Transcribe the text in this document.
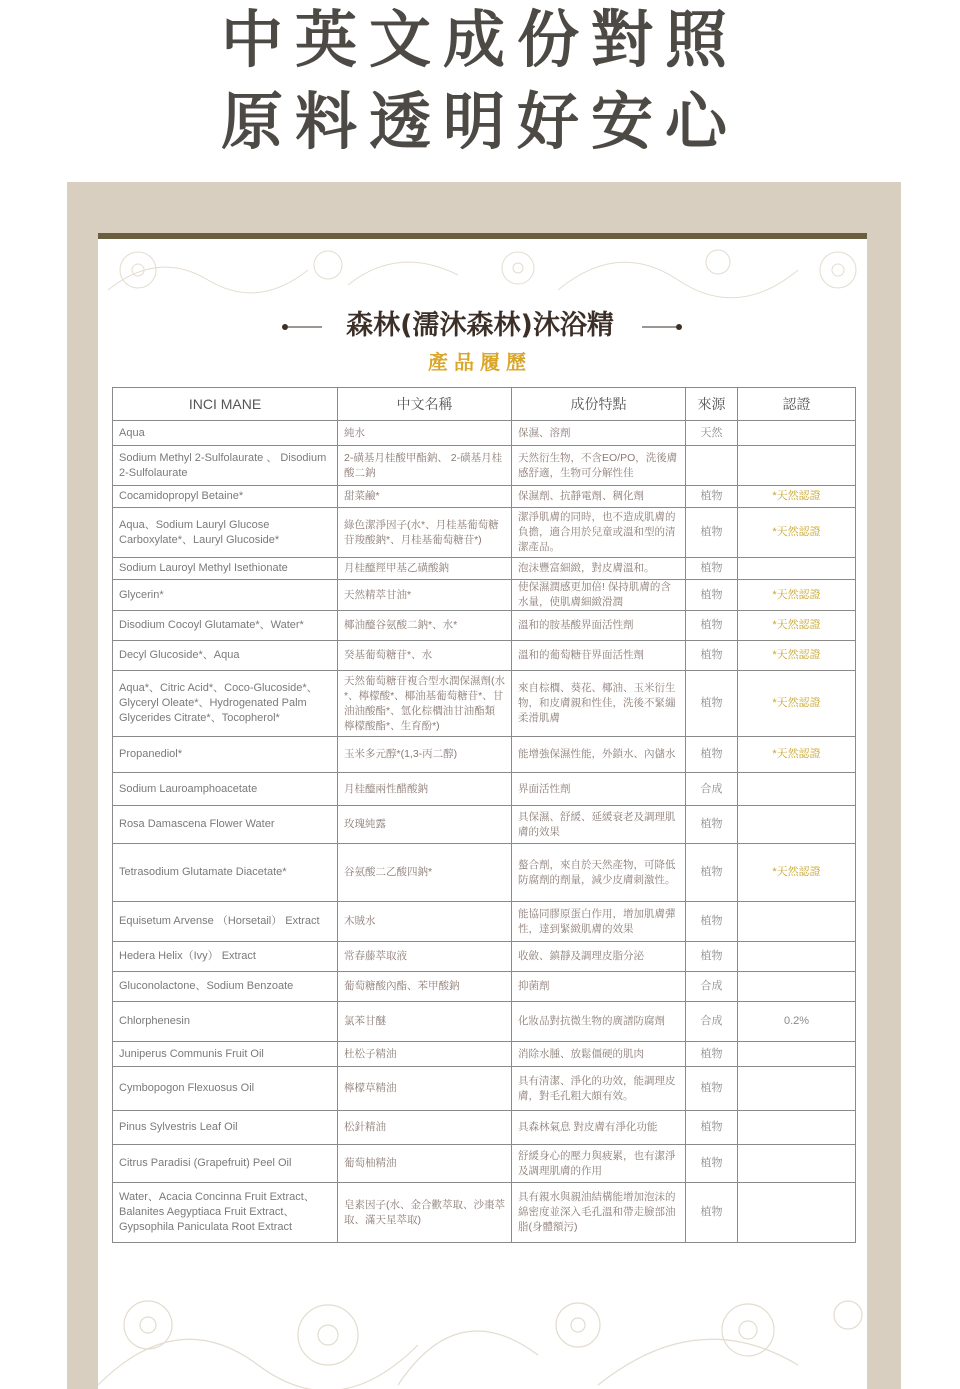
中英文成份對照
原料透明好安心
森林(濡沐森林)沐浴精
產品履歷
INCI MANE	中文名稱	成份特點	來源	認證
Aqua	純水	保濕、溶劑	天然	
Sodium Methyl 2-Sulfolaurate 、 Disodium 2-Sulfolaurate	2-磺基月桂酸甲酯鈉、 2-磺基月桂酸二鈉	天然衍生物，不含EO/PO，洗後膚感舒適，生物可分解性佳		
Cocamidopropyl Betaine*	甜菜鹼*	保濕劑、抗靜電劑、稠化劑	植物	*天然認證
Aqua、Sodium Lauryl Glucose Carboxylate*、Lauryl Glucoside*	綠色潔淨因子(水*、月桂基葡萄糖苷羧酸鈉*、月桂基葡萄糖苷*)	潔淨肌膚的同時，也不造成肌膚的負擔，適合用於兒童或溫和型的清潔產品。	植物	*天然認證
Sodium Lauroyl Methyl Isethionate	月桂醯羥甲基乙磺酸鈉	泡沫豐富細緻，對皮膚溫和。	植物	
Glycerin*	天然精萃甘油*	使保濕潤感更加倍! 保持肌膚的含水量，使肌膚細緻滑潤	植物	*天然認證
Disodium Cocoyl Glutamate*、Water*	椰油醯谷氨酸二鈉*、水*	溫和的胺基酸界面活性劑	植物	*天然認證
Decyl Glucoside*、Aqua	癸基葡萄糖苷*、水	溫和的葡萄糖苷界面活性劑	植物	*天然認證
Aqua*、Citric Acid*、Coco-Glucoside*、Glyceryl Oleate*、Hydrogenated Palm Glycerides Citrate*、Tocopherol*	天然葡萄糖苷複合型水潤保濕劑(水*、檸檬酸*、椰油基葡萄糖苷*、甘油油酸酯*、氫化棕櫚油甘油酯類檸檬酸酯*、生育酚*)	來自棕櫚、葵花、椰油、玉米衍生物，和皮膚親和性佳，洗後不緊繃柔滑肌膚	植物	*天然認證
Propanediol*	玉米多元醇*(1,3-丙二醇)	能增強保濕性能，外鎖水、內儲水	植物	*天然認證
Sodium Lauroamphoacetate	月桂醯兩性醋酸鈉	界面活性劑	合成	
Rosa Damascena Flower Water	玫瑰純露	具保濕、舒緩、延緩衰老及調理肌膚的效果	植物	
Tetrasodium Glutamate Diacetate*	谷氨酸二乙酸四鈉*	螯合劑，來自於天然產物，可降低防腐劑的劑量，減少皮膚刺激性。	植物	*天然認證
Equisetum Arvense （Horsetail） Extract	木賊水	能協同膠原蛋白作用，增加肌膚彈性，達到緊緻肌膚的效果	植物	
Hedera Helix（Ivy） Extract	常春藤萃取液	收斂、鎮靜及調理皮脂分泌	植物	
Gluconolactone、Sodium Benzoate	葡萄糖酸內酯、苯甲酸鈉	抑菌劑	合成	
Chlorphenesin	氯苯甘醚	化妝品對抗微生物的廣譜防腐劑	合成	0.2%
Juniperus Communis Fruit Oil	杜松子精油	消除水腫、放鬆僵硬的肌肉	植物	
Cymbopogon Flexuosus Oil	檸檬草精油	具有清潔、淨化的功效，能調理皮膚，對毛孔粗大頗有效。	植物	
Pinus Sylvestris Leaf Oil	松針精油	具森林氣息 對皮膚有淨化功能	植物	
Citrus Paradisi (Grapefruit) Peel Oil	葡萄柚精油	舒緩身心的壓力與疲累，也有潔淨及調理肌膚的作用	植物	
Water、Acacia Concinna Fruit Extract、Balanites Aegyptiaca Fruit Extract、Gypsophila Paniculata Root Extract	皂素因子(水、金合歡萃取、沙棗萃取、滿天星萃取)	具有親水與親油結構能增加泡沫的綿密度並深入毛孔溫和帶走臉部油脂(身體額污)	植物	
